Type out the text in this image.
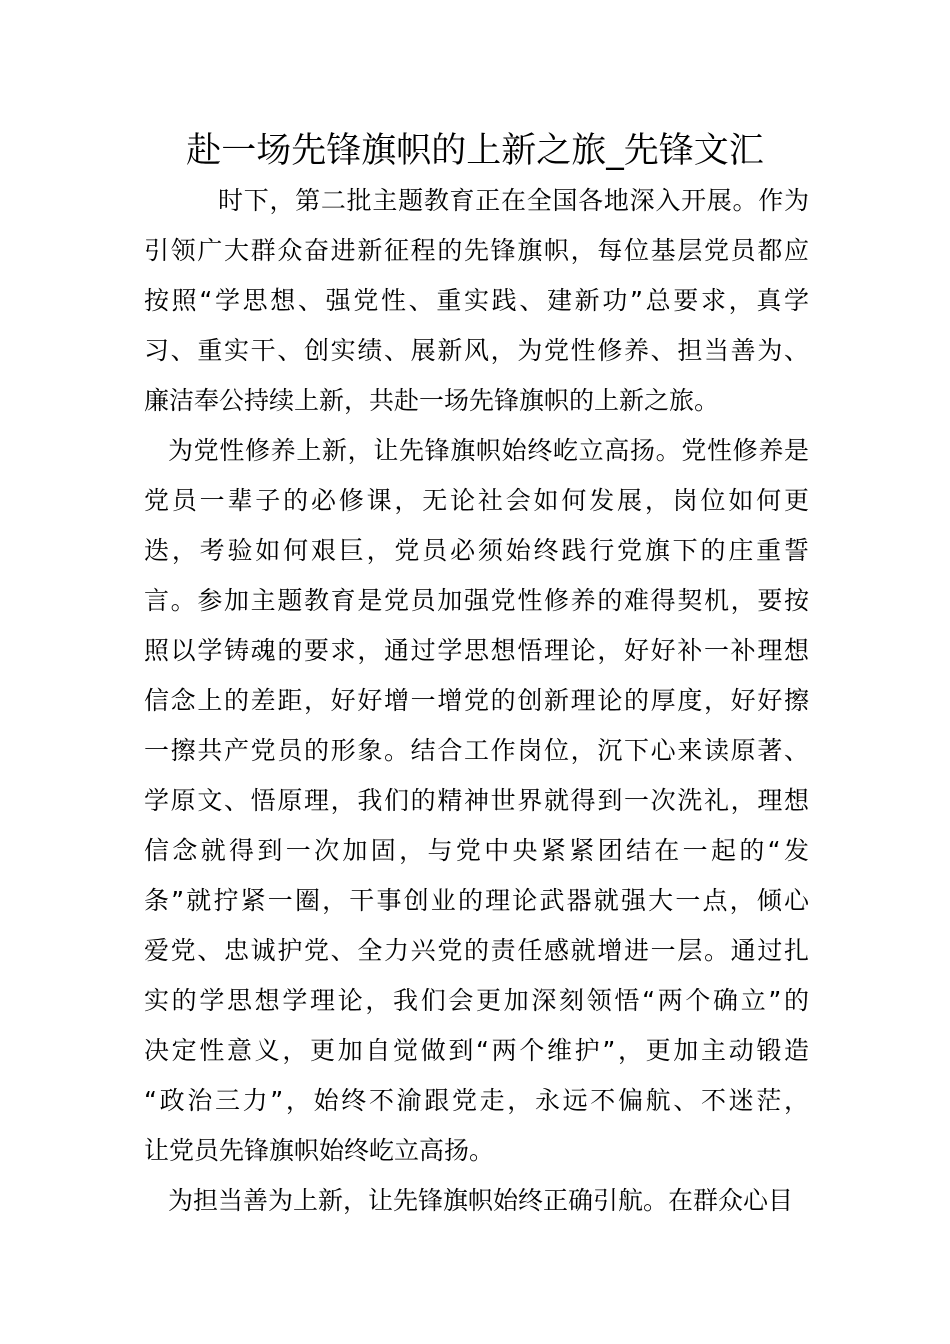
赴一场先锋旗帜的上新之旅_先锋文汇
时下，第二批主题教育正在全国各地深入开展。作为
引领广大群众奋进新征程的先锋旗帜，每位基层党员都应
按照“学思想、强党性、重实践、建新功”总要求，真学
习、重实干、创实绩、展新风，为党性修养、担当善为、
廉洁奉公持续上新，共赴一场先锋旗帜的上新之旅。
为党性修养上新，让先锋旗帜始终屹立高扬。党性修养是
党员一辈子的必修课，无论社会如何发展，岗位如何更
迭，考验如何艰巨，党员必须始终践行党旗下的庄重誓
言。参加主题教育是党员加强党性修养的难得契机，要按
照以学铸魂的要求，通过学思想悟理论，好好补一补理想
信念上的差距，好好增一增党的创新理论的厚度，好好擦
一擦共产党员的形象。结合工作岗位，沉下心来读原著、
学原文、悟原理，我们的精神世界就得到一次洗礼，理想
信念就得到一次加固，与党中央紧紧团结在一起的“发
条”就拧紧一圈，干事创业的理论武器就强大一点，倾心
爱党、忠诚护党、全力兴党的责任感就增进一层。通过扎
实的学思想学理论，我们会更加深刻领悟“两个确立”的
决定性意义，更加自觉做到“两个维护”，更加主动锻造
“政治三力”，始终不渝跟党走，永远不偏航、不迷茫，
让党员先锋旗帜始终屹立高扬。
为担当善为上新，让先锋旗帜始终正确引航。在群众心目
